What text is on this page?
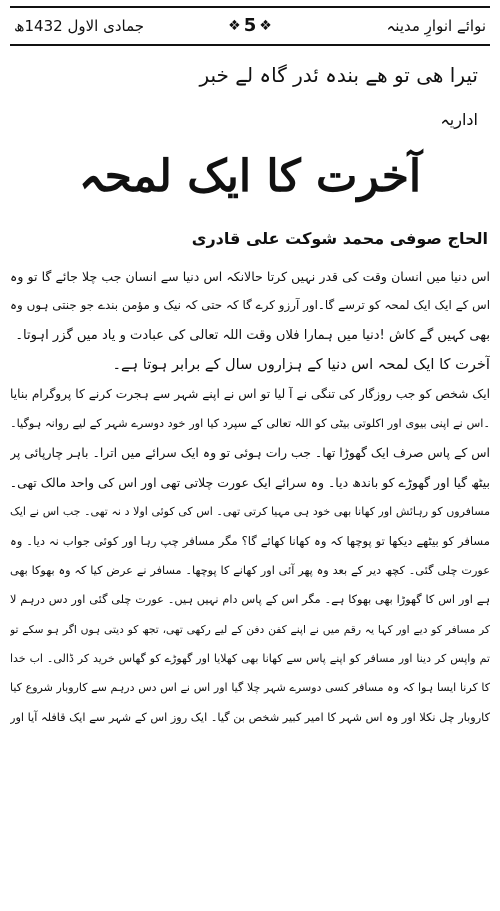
نوائے انوارِ مدینہ
❖ 5 ❖
جمادی الاول 1432ھ
تیرا ھی تو ھے بندہ ئدر گاہ لے خبر
اداریہ
آخرت کا ایک لمحہ
الحاج صوفی محمد شوکت علی قادری
اس دنیا میں انسان وقت کی قدر نہیں کرتا حالانکہ اس دنیا سے انسان جب چلا جائے گا تو وہ
اس کے ایک ایک لمحہ کو ترسے گا۔اور آرزو کرے گا کہ حتی کہ نیک و مؤمن بندے جو جنتی ہوں وہ
بھی کہیں گے کاش !دنیا میں ہمارا فلاں وقت اللہ تعالی کی عبادت و یاد میں گزر اہوتا۔
آخرت کا ایک لمحہ اس دنیا کے ہزاروں سال کے برابر ہوتا ہے۔
ایک شخص کو جب روزگار کی تنگی نے آ لیا تو اس نے اپنے شہر سے ہجرت کرنے کا پروگرام بنایا
۔اس نے اپنی بیوی اور اکلوتی بیٹی کو اللہ تعالی کے سپرد کیا اور خود دوسرے شہر کے لیے روانہ ہوگیا۔
اس کے پاس صرف ایک گھوڑا تھا۔ جب رات ہوئی تو وہ ایک سرائے میں اترا۔ باہر چارپائی پر
بیٹھ گیا اور گھوڑے کو باندھ دیا۔ وہ سرائے ایک عورت چلاتی تھی اور اس کی واحد مالک تھی۔
مسافروں کو رہائش اور کھانا بھی خود ہی مہیا کرتی تھی۔ اس کی کوئی اولا د نہ تھی۔ جب اس نے ایک
مسافر کو بیٹھے دیکھا تو پوچھا کہ وہ کھانا کھائے گا؟ مگر مسافر چپ رہا اور کوئی جواب نہ دیا۔ وہ
عورت چلی گئی۔ کچھ دیر کے بعد وہ پھر آئی اور کھانے کا پوچھا۔ مسافر نے عرض کیا کہ وہ بھوکا بھی
ہے اور اس کا گھوڑا بھی بھوکا ہے۔ مگر اس کے پاس دام نہیں ہیں۔ عورت چلی گئی اور دس درہم لا
کر مسافر کو دیے اور کہا یہ رقم میں نے اپنے کفن دفن کے لیے رکھی تھی، تجھ کو دیتی ہوں اگر ہو سکے تو
تم واپس کر دینا اور مسافر کو اپنے پاس سے کھانا بھی کھلایا اور گھوڑے کو گھاس خرید کر ڈالی۔ اب خدا
کا کرنا ایسا ہوا کہ وہ مسافر کسی دوسرے شہر چلا گیا اور اس نے اس دس درہم سے کاروبار شروع کیا
کاروبار چل نکلا اور وہ اس شہر کا امیر کبیر شخص بن گیا۔ ایک روز اس کے شہر سے ایک قافلہ آیا اور
